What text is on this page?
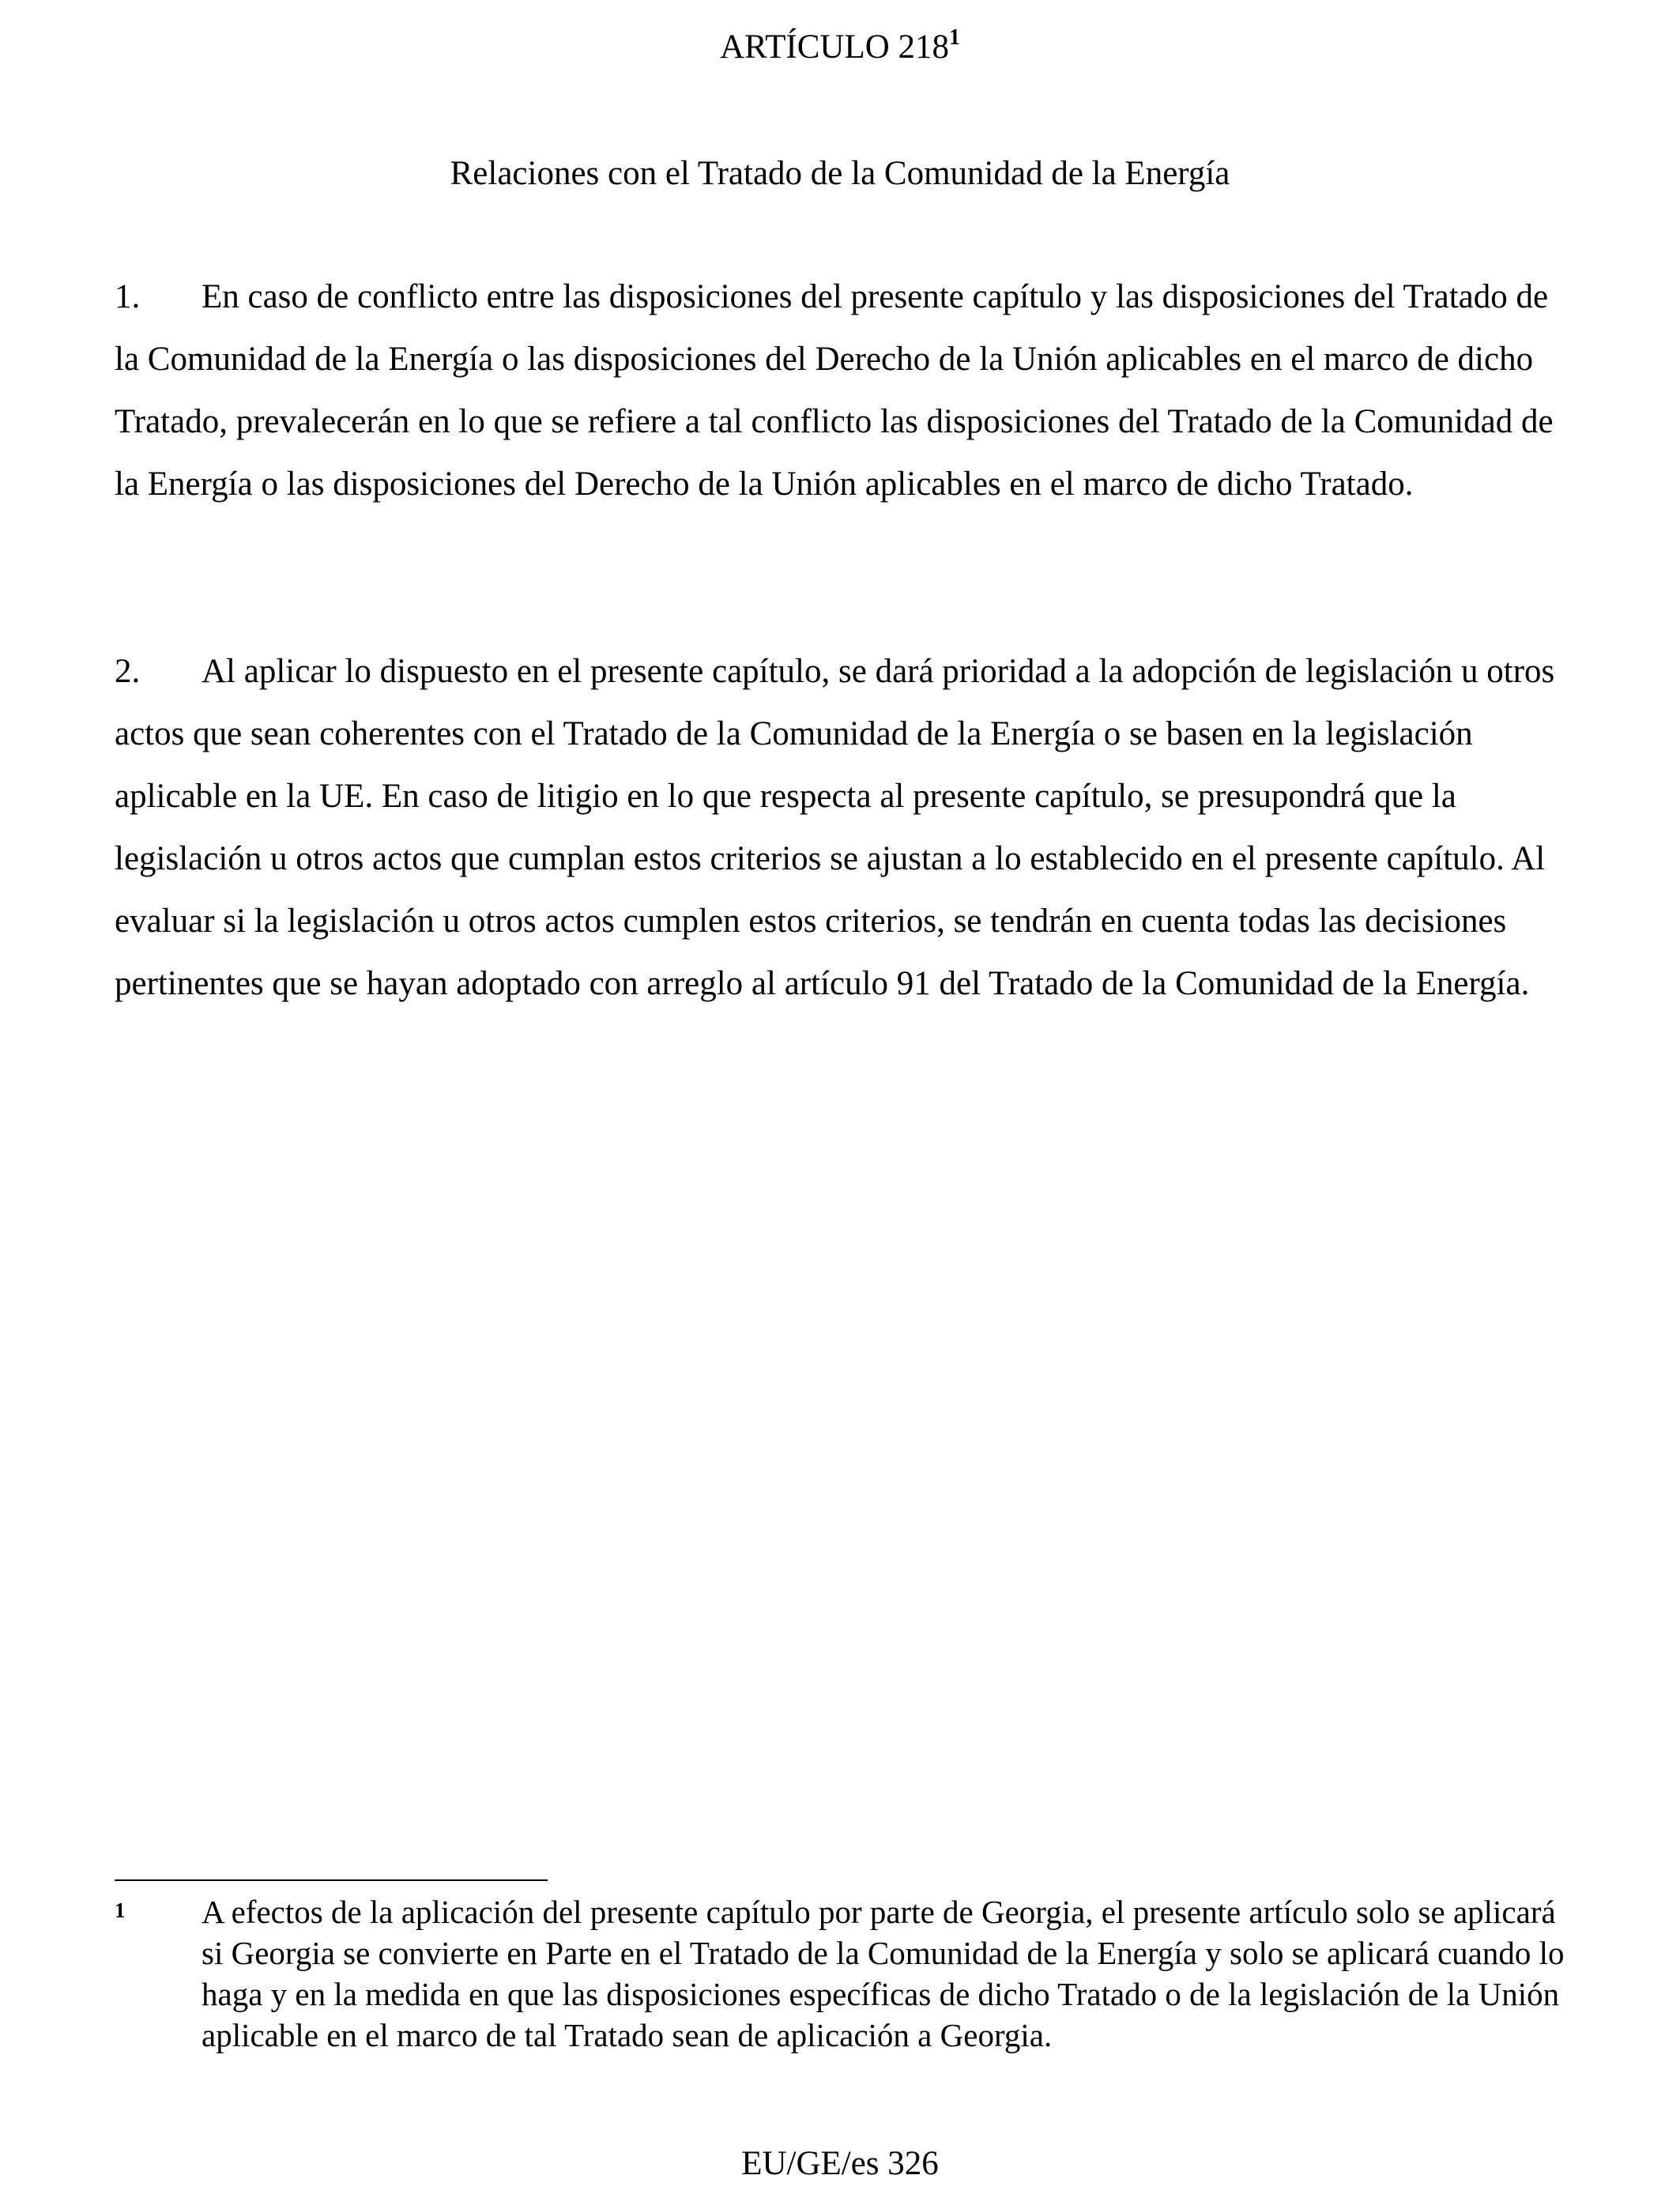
ARTÍCULO $218^1$
Relaciones con el Tratado de la Comunidad de la Energía
1. En caso de conflicto entre las disposiciones del presente capítulo y las disposiciones del Tratado de la Comunidad de la Energía o las disposiciones del Derecho de la Unión aplicables en el marco de dicho Tratado, prevalecerán en lo que se refiere a tal conflicto las disposiciones del Tratado de la Comunidad de la Energía o las disposiciones del Derecho de la Unión aplicables en el marco de dicho Tratado.
2. Al aplicar lo dispuesto en el presente capítulo, se dará prioridad a la adopción de legislación u otros actos que sean coherentes con el Tratado de la Comunidad de la Energía o se basen en la legislación aplicable en la UE. En caso de litigio en lo que respecta al presente capítulo, se presupondrá que la legislación u otros actos que cumplan estos criterios se ajustan a lo establecido en el presente capítulo. Al evaluar si la legislación u otros actos cumplen estos criterios, se tendrán en cuenta todas las decisiones pertinentes que se hayan adoptado con arreglo al artículo 91 del Tratado de la Comunidad de la Energía.
1 A efectos de la aplicación del presente capítulo por parte de Georgia, el presente artículo solo se aplicará si Georgia se convierte en Parte en el Tratado de la Comunidad de la Energía y solo se aplicará cuando lo haga y en la medida en que las disposiciones específicas de dicho Tratado o de la legislación de la Unión aplicable en el marco de tal Tratado sean de aplicación a Georgia.
EU/GE/es 326
